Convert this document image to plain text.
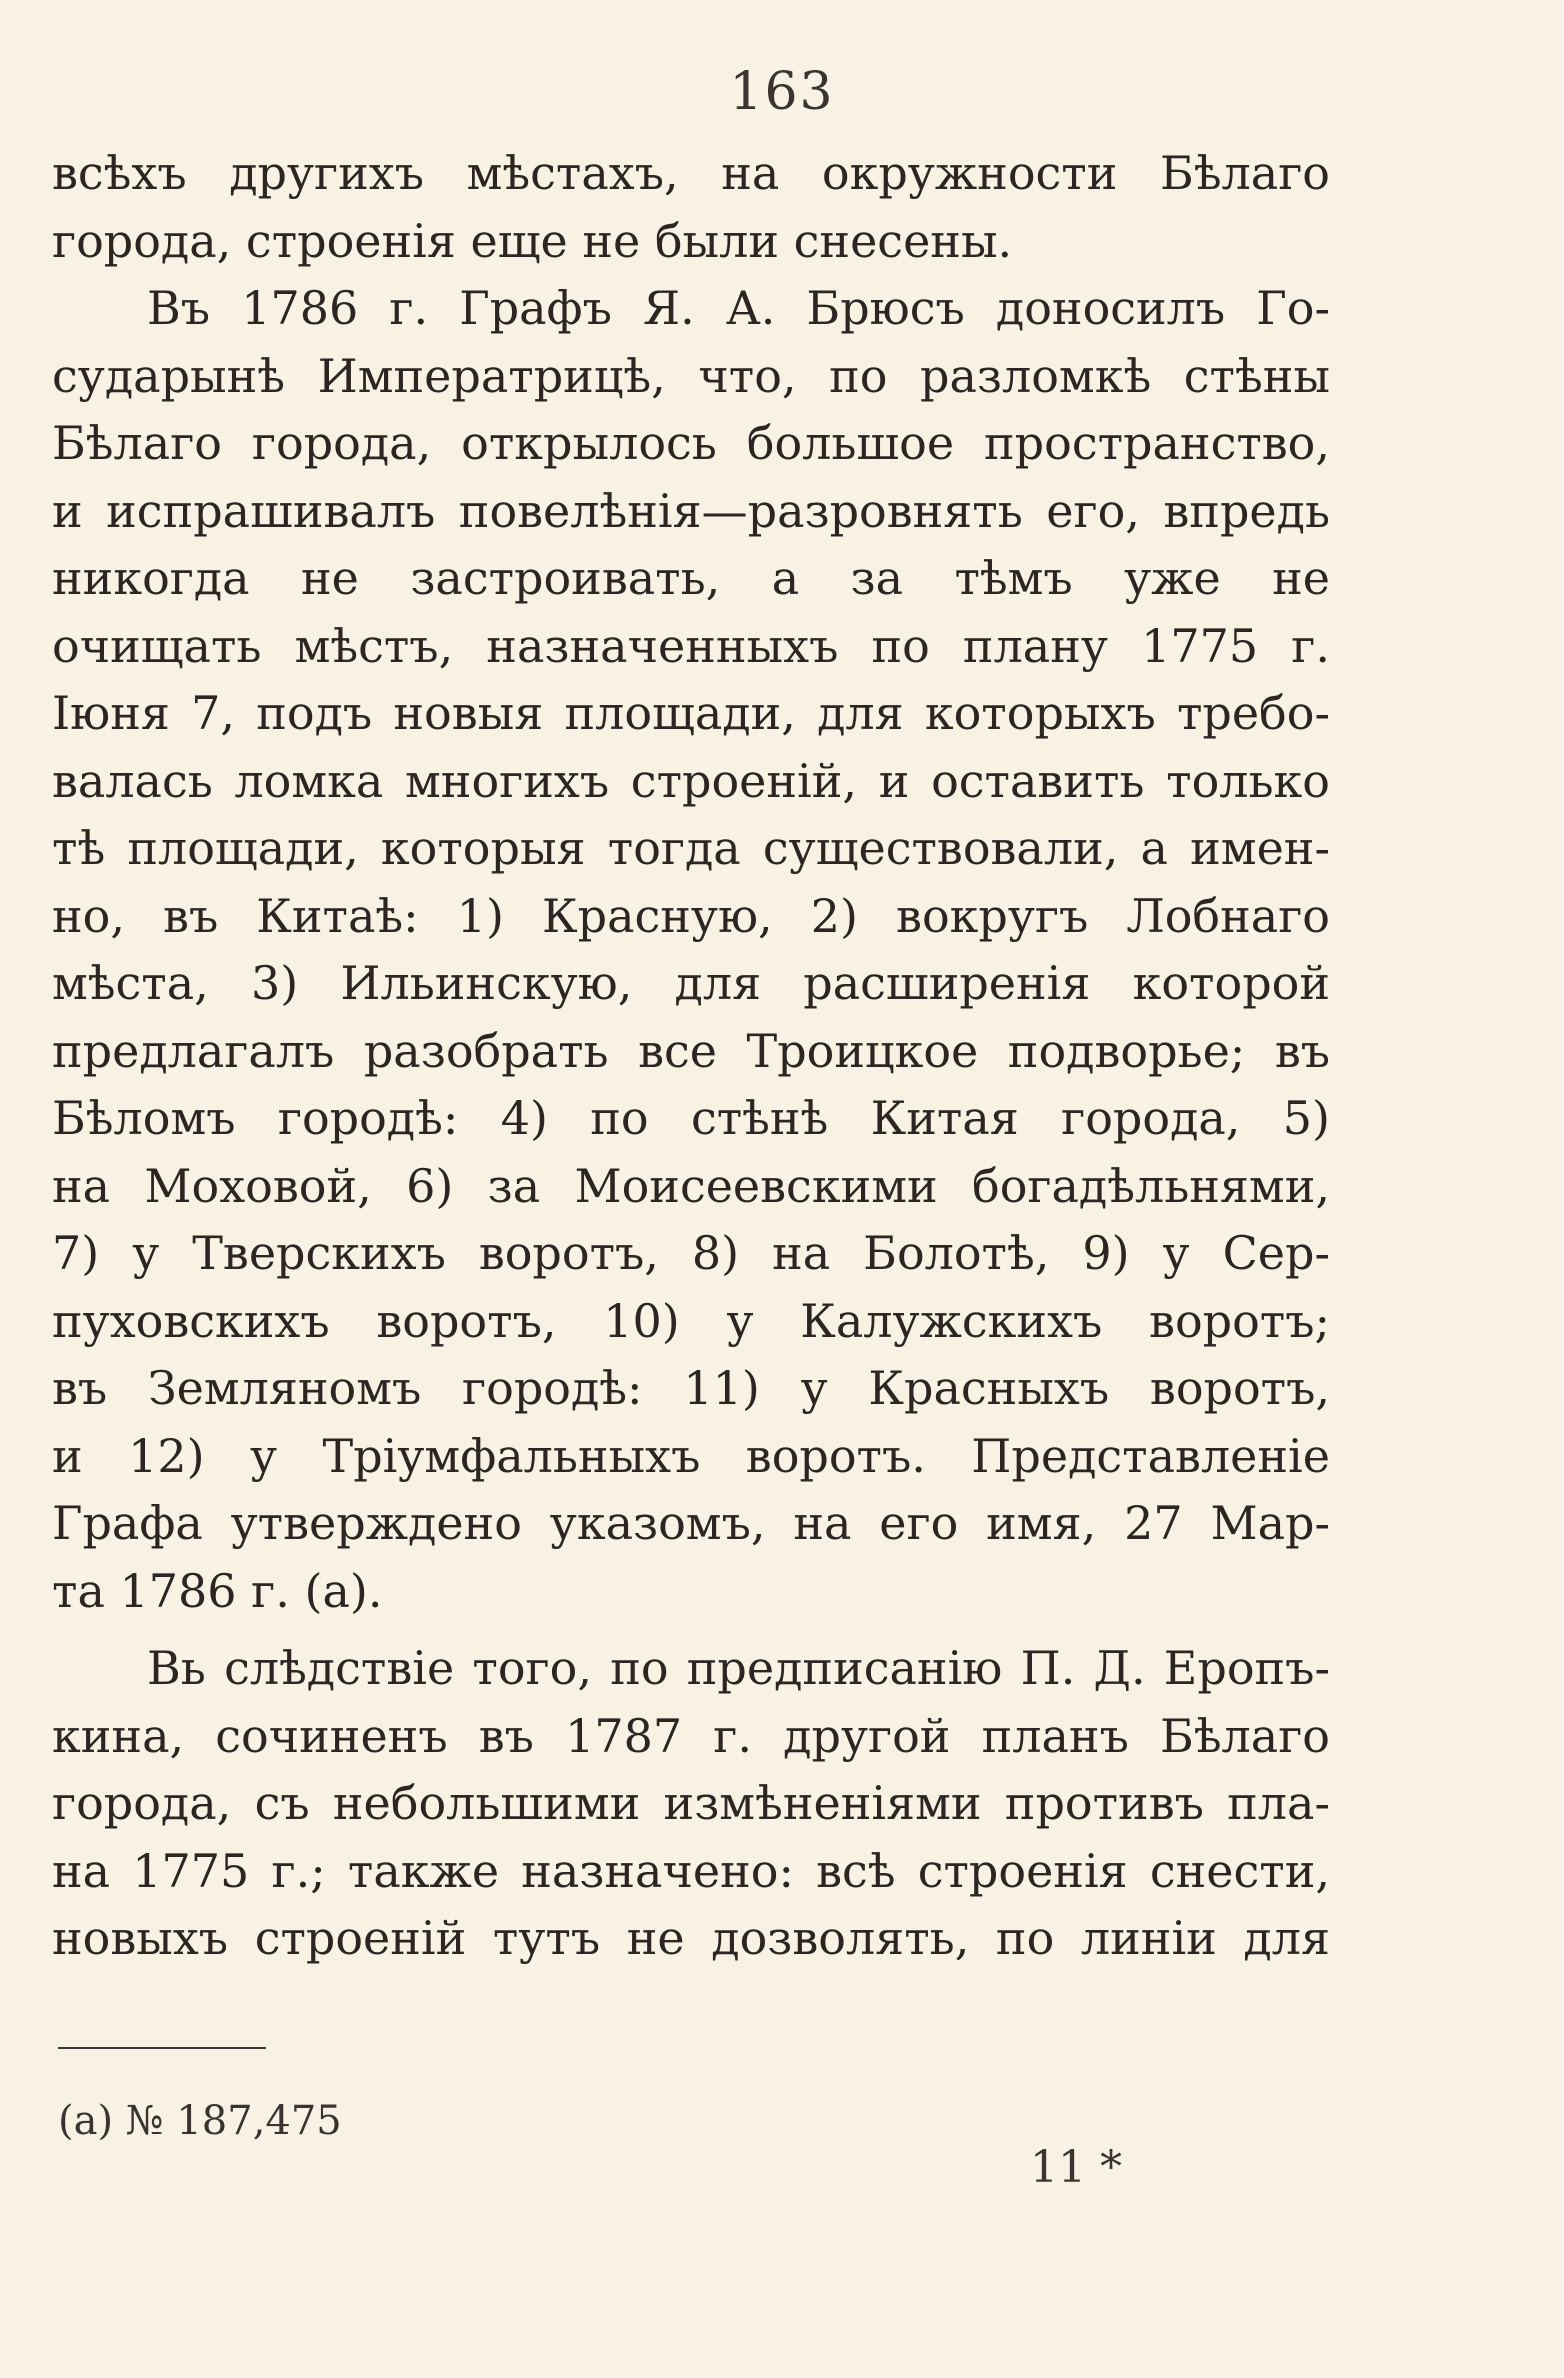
163
всѣхъ другихъ мѣстахъ, на окружности Бѣлаго
города, строенія еще не были снесены.
Въ 1786 г. Графъ Я. А. Брюсъ доносилъ Го-
сударынѣ Императрицѣ, что, по разломкѣ стѣны
Бѣлаго города, открылось большое пространство,
и испрашивалъ повелѣнія—разровнять его, впредь
никогда не застроивать, а за тѣмъ уже не
очищать мѣстъ, назначенныхъ по плану 1775 г.
Іюня 7, подъ новыя площади, для которыхъ требо-
валась ломка многихъ строеній, и оставить только
тѣ площади, которыя тогда существовали, а имен-
но, въ Китаѣ: 1) Красную, 2) вокругъ Лобнаго
мѣста, 3) Ильинскую, для расширенія которой
предлагалъ разобрать все Троицкое подворье; въ
Бѣломъ городѣ: 4) по стѣнѣ Китая города, 5)
на Моховой, 6) за Моисеевскими богадѣльнями,
7) у Тверскихъ воротъ, 8) на Болотѣ, 9) у Сер-
пуховскихъ воротъ, 10) у Калужскихъ воротъ;
въ Земляномъ городѣ: 11) у Красныхъ воротъ,
и 12) у Тріумфальныхъ воротъ. Представленіе
Графа утверждено указомъ, на его имя, 27 Мар-
та 1786 г. (а).
Вь слѣдствіе того, по предписанію П. Д. Еропъ-
кина, сочиненъ въ 1787 г. другой планъ Бѣлаго
города, съ небольшими измѣненіями противъ пла-
на 1775 г.; также назначено: всѣ строенія снести,
новыхъ строеній тутъ не дозволять, по линіи для
(а) № 187,475
11 *
